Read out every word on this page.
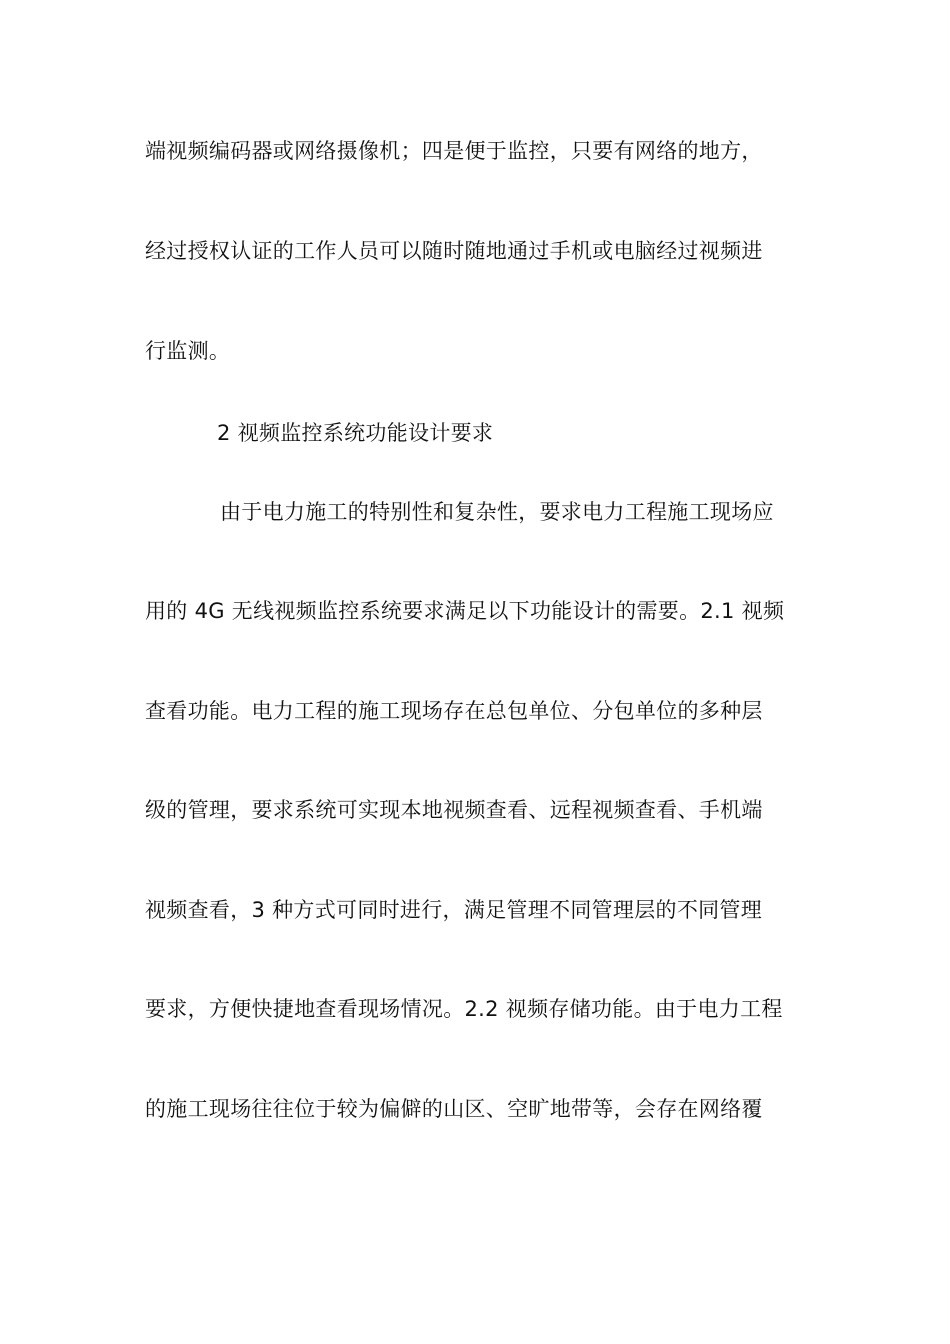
端视频编码器或网络摄像机；四是便于监控，只要有网络的地方，
经过授权认证的工作人员可以随时随地通过手机或电脑经过视频进
行监测。
2 视频监控系统功能设计要求
由于电力施工的特别性和复杂性，要求电力工程施工现场应
用的 4G 无线视频监控系统要求满足以下功能设计的需要。2.1 视频
查看功能。电力工程的施工现场存在总包单位、分包单位的多种层
级的管理，要求系统可实现本地视频查看、远程视频查看、手机端
视频查看，3 种方式可同时进行，满足管理不同管理层的不同管理
要求，方便快捷地查看现场情况。2.2 视频存储功能。由于电力工程
的施工现场往往位于较为偏僻的山区、空旷地带等，会存在网络覆
